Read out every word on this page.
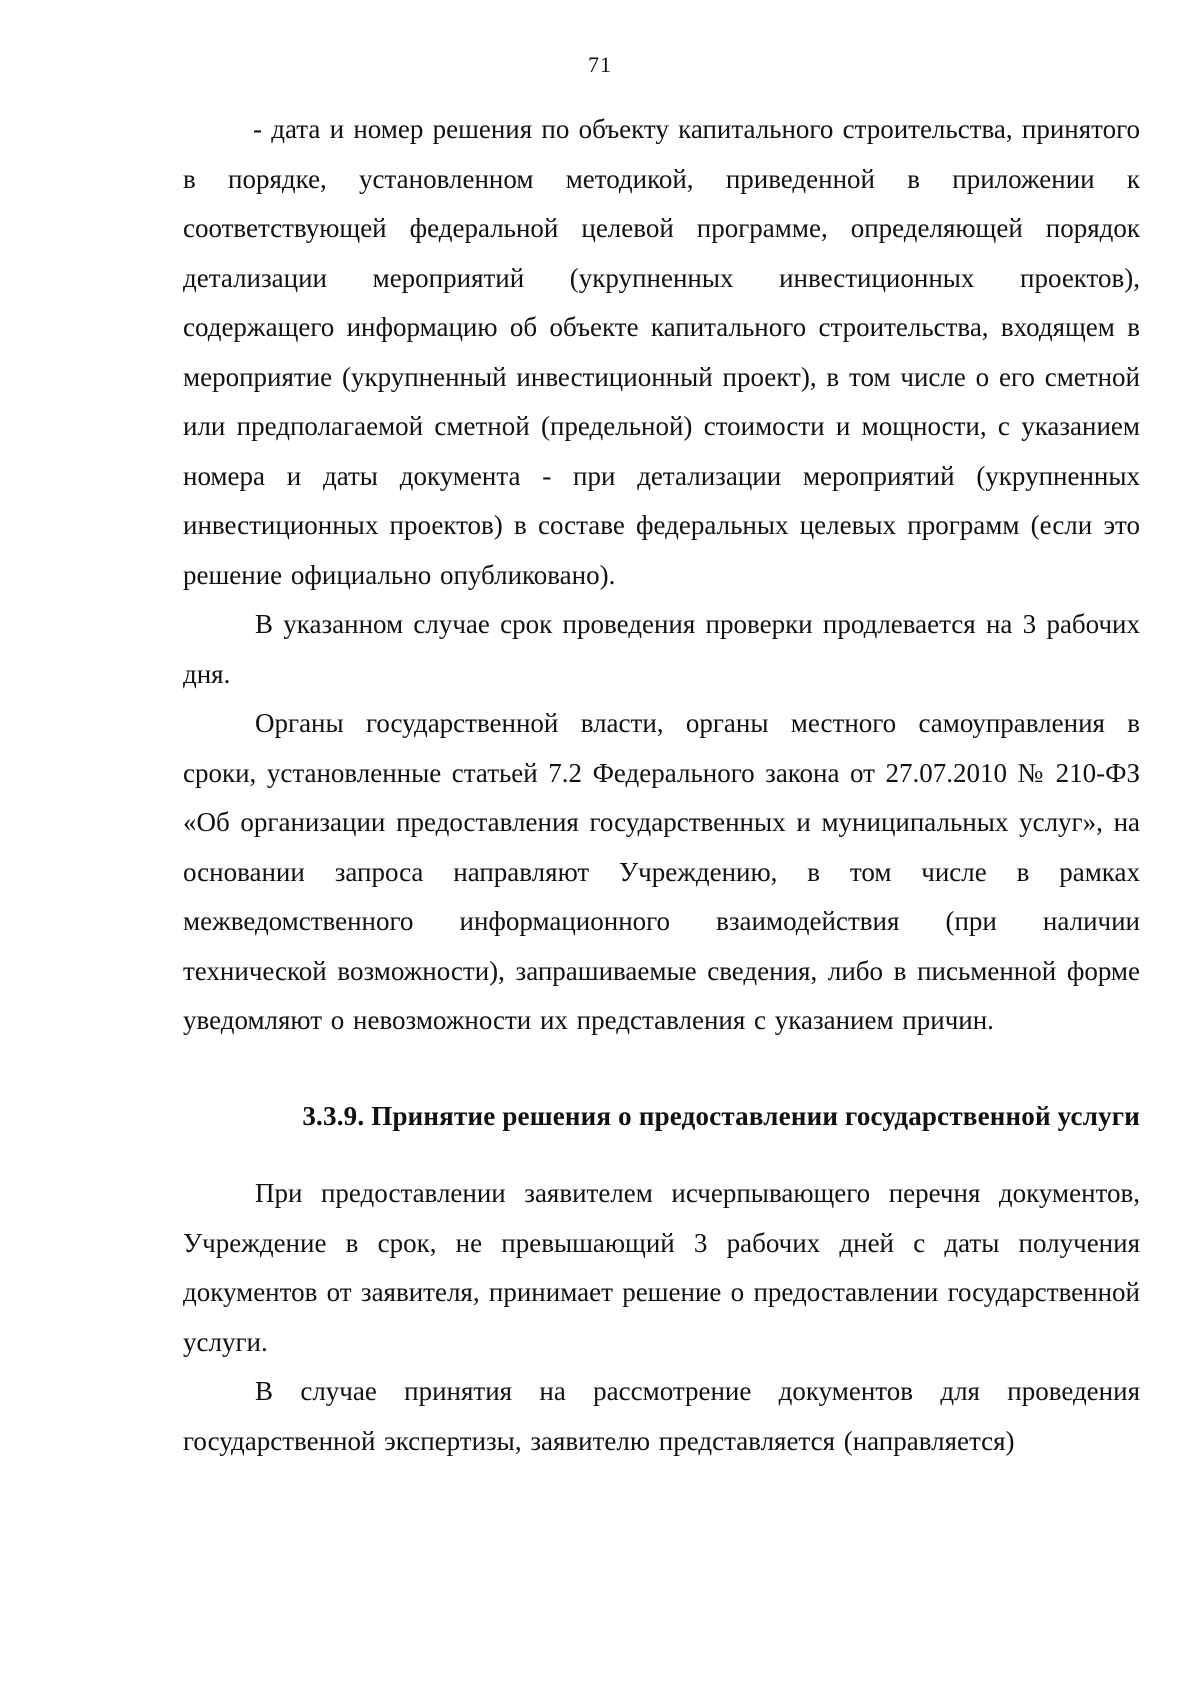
71

- дата и номер решения по объекту капитального строительства, принятого в порядке, установленном методикой, приведенной в приложении к соответствующей федеральной целевой программе, определяющей порядок детализации мероприятий (укрупненных инвестиционных проектов), содержащего информацию об объекте капитального строительства, входящем в мероприятие (укрупненный инвестиционный проект), в том числе о его сметной или предполагаемой сметной (предельной) стоимости и мощности, с указанием номера и даты документа - при детализации мероприятий (укрупненных инвестиционных проектов) в составе федеральных целевых программ (если это решение официально опубликовано).

В указанном случае срок проведения проверки продлевается на 3 рабочих дня.

Органы государственной власти, органы местного самоуправления в сроки, установленные статьей 7.2 Федерального закона от 27.07.2010 № 210-ФЗ «Об организации предоставления государственных и муниципальных услуг», на основании запроса направляют Учреждению, в том числе в рамках межведомственного информационного взаимодействия (при наличии технической возможности), запрашиваемые сведения, либо в письменной форме уведомляют о невозможности их представления с указанием причин.

3.3.9. Принятие решения о предоставлении государственной услуги

При предоставлении заявителем исчерпывающего перечня документов, Учреждение в срок, не превышающий 3 рабочих дней с даты получения документов от заявителя, принимает решение о предоставлении государственной услуги.

В случае принятия на рассмотрение документов для проведения государственной экспертизы, заявителю представляется (направляется)
